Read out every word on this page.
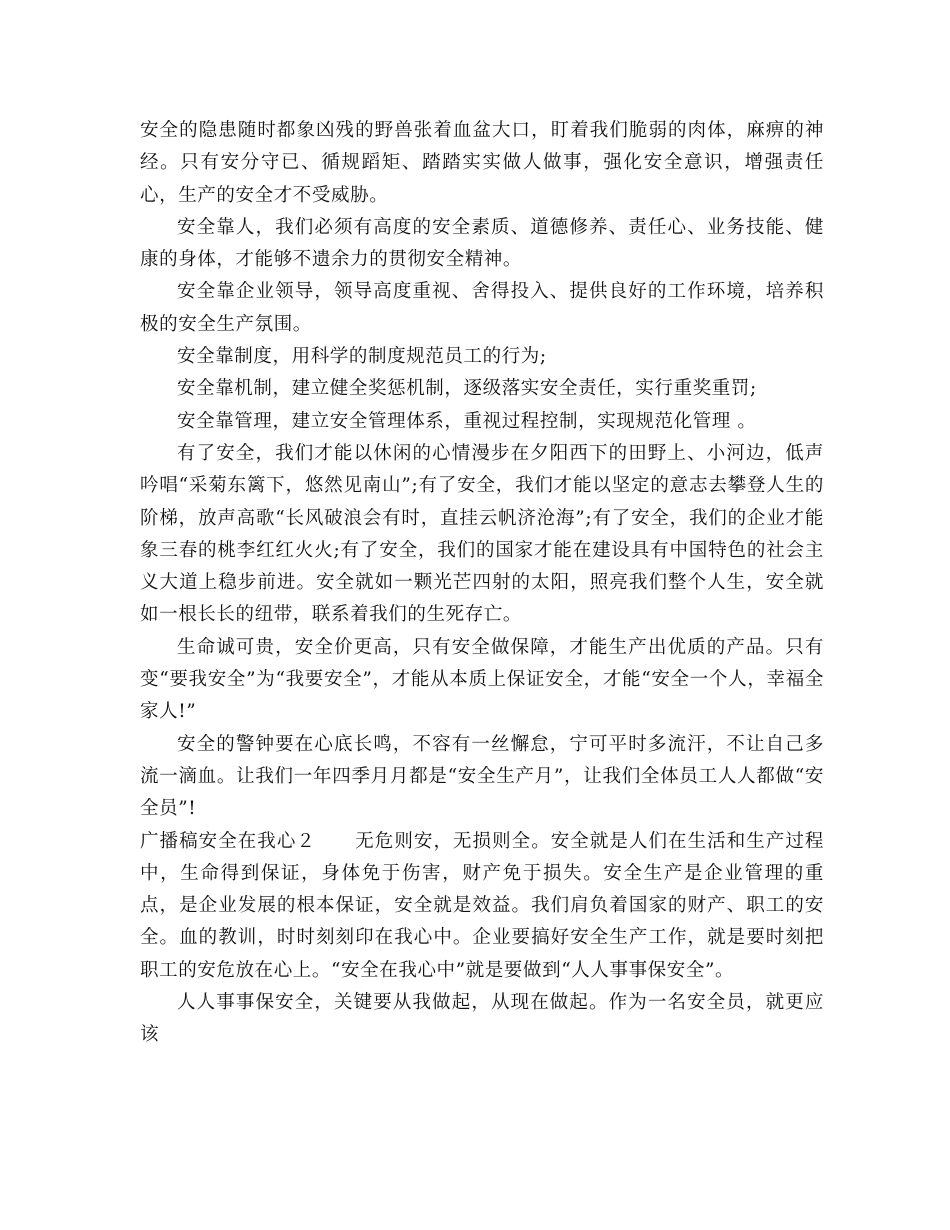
安全的隐患随时都象凶残的野兽张着血盆大口，盯着我们脆弱的肉体，麻痹的神经。只有安分守已、循规蹈矩、踏踏实实做人做事，强化安全意识，增强责任心，生产的安全才不受威胁。

安全靠人，我们必须有高度的安全素质、道德修养、责任心、业务技能、健康的身体，才能够不遗余力的贯彻安全精神。

安全靠企业领导，领导高度重视、舍得投入、提供良好的工作环境，培养积极的安全生产氛围。

安全靠制度，用科学的制度规范员工的行为;

安全靠机制，建立健全奖惩机制，逐级落实安全责任，实行重奖重罚;

安全靠管理，建立安全管理体系，重视过程控制，实现规范化管理 。

有了安全，我们才能以休闲的心情漫步在夕阳西下的田野上、小河边，低声吟唱“采菊东篱下，悠然见南山”;有了安全，我们才能以坚定的意志去攀登人生的阶梯，放声高歌“长风破浪会有时，直挂云帆济沧海”;有了安全，我们的企业才能象三春的桃李红红火火;有了安全，我们的国家才能在建设具有中国特色的社会主义大道上稳步前进。安全就如一颗光芒四射的太阳，照亮我们整个人生，安全就如一根长长的纽带，联系着我们的生死存亡。

生命诚可贵，安全价更高，只有安全做保障，才能生产出优质的产品。只有变“要我安全”为“我要安全”，才能从本质上保证安全，才能“安全一个人，幸福全家人!”

安全的警钟要在心底长鸣，不容有一丝懈怠，宁可平时多流汗，不让自己多流一滴血。让我们一年四季月月都是“安全生产月”，让我们全体员工人人都做“安全员”!

广播稿安全在我心２ 无危则安，无损则全。安全就是人们在生活和生产过程中，生命得到保证，身体免于伤害，财产免于损失。安全生产是企业管理的重点，是企业发展的根本保证，安全就是效益。我们肩负着国家的财产、职工的安全。血的教训，时时刻刻印在我心中。企业要搞好安全生产工作，就是要时刻把职工的安危放在心上。“安全在我心中”就是要做到“人人事事保安全”。

人人事事保安全，关键要从我做起，从现在做起。作为一名安全员，就更应该
